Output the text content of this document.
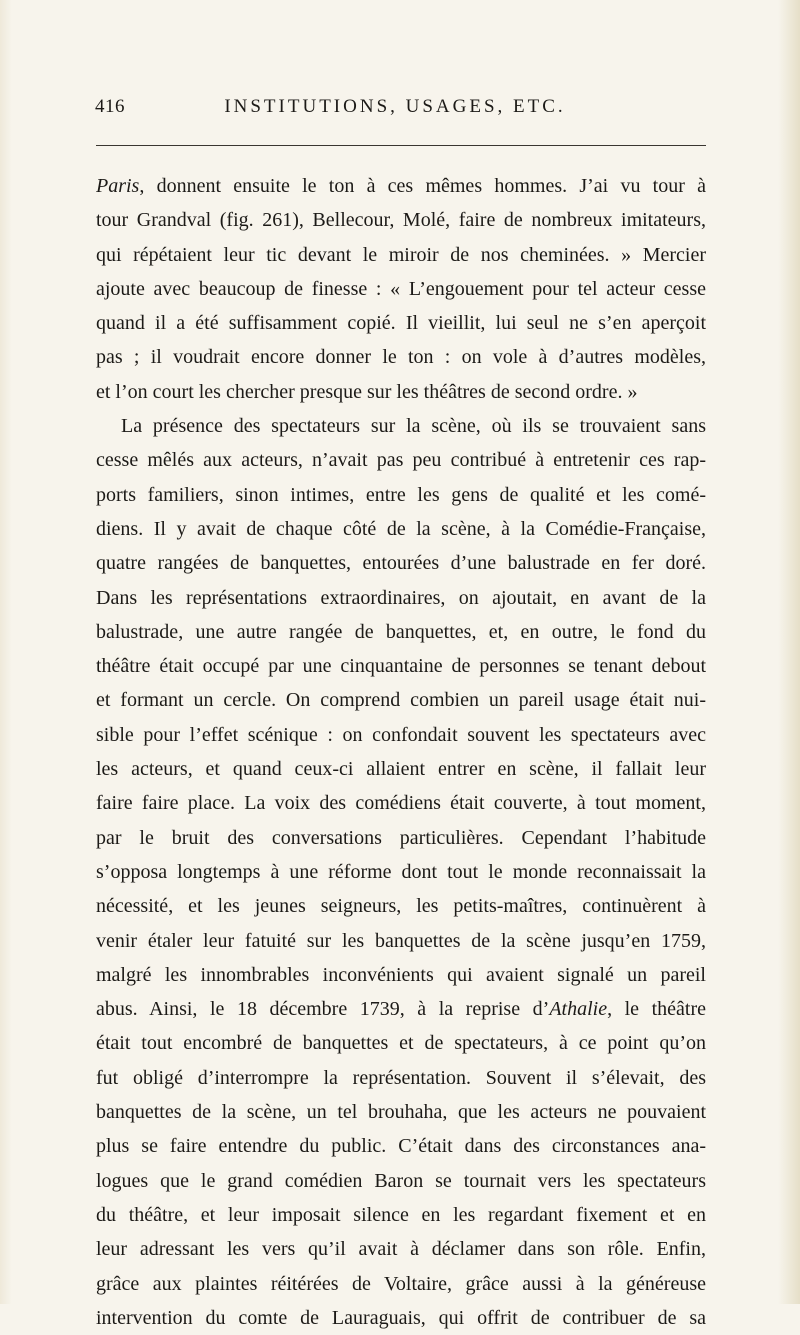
INSTITUTIONS, USAGES, ETC.
416
Paris, donnent ensuite le ton à ces mêmes hommes. J’ai vu tour à
tour Grandval (fig. 261), Bellecour, Molé, faire de nombreux imitateurs,
qui répétaient leur tic devant le miroir de nos cheminées. » Mercier
ajoute avec beaucoup de finesse : « L’engouement pour tel acteur cesse
quand il a été suffisamment copié. Il vieillit, lui seul ne s’en aperçoit
pas ; il voudrait encore donner le ton : on vole à d’autres modèles,
et l’on court les chercher presque sur les théâtres de second ordre. »
La présence des spectateurs sur la scène, où ils se trouvaient sans
cesse mêlés aux acteurs, n’avait pas peu contribué à entretenir ces rap-
ports familiers, sinon intimes, entre les gens de qualité et les comé-
diens. Il y avait de chaque côté de la scène, à la Comédie-Française,
quatre rangées de banquettes, entourées d’une balustrade en fer doré.
Dans les représentations extraordinaires, on ajoutait, en avant de la
balustrade, une autre rangée de banquettes, et, en outre, le fond du
théâtre était occupé par une cinquantaine de personnes se tenant debout
et formant un cercle. On comprend combien un pareil usage était nui-
sible pour l’effet scénique : on confondait souvent les spectateurs avec
les acteurs, et quand ceux-ci allaient entrer en scène, il fallait leur
faire faire place. La voix des comédiens était couverte, à tout moment,
par le bruit des conversations particulières. Cependant l’habitude
s’opposa longtemps à une réforme dont tout le monde reconnaissait la
nécessité, et les jeunes seigneurs, les petits-maîtres, continuèrent à
venir étaler leur fatuité sur les banquettes de la scène jusqu’en 1759,
malgré les innombrables inconvénients qui avaient signalé un pareil
abus. Ainsi, le 18 décembre 1739, à la reprise d’Athalie, le théâtre
était tout encombré de banquettes et de spectateurs, à ce point qu’on
fut obligé d’interrompre la représentation. Souvent il s’élevait, des
banquettes de la scène, un tel brouhaha, que les acteurs ne pouvaient
plus se faire entendre du public. C’était dans des circonstances ana-
logues que le grand comédien Baron se tournait vers les spectateurs
du théâtre, et leur imposait silence en les regardant fixement et en
leur adressant les vers qu’il avait à déclamer dans son rôle. Enfin,
grâce aux plaintes réitérées de Voltaire, grâce aussi à la généreuse
intervention du comte de Lauraguais, qui offrit de contribuer de sa
